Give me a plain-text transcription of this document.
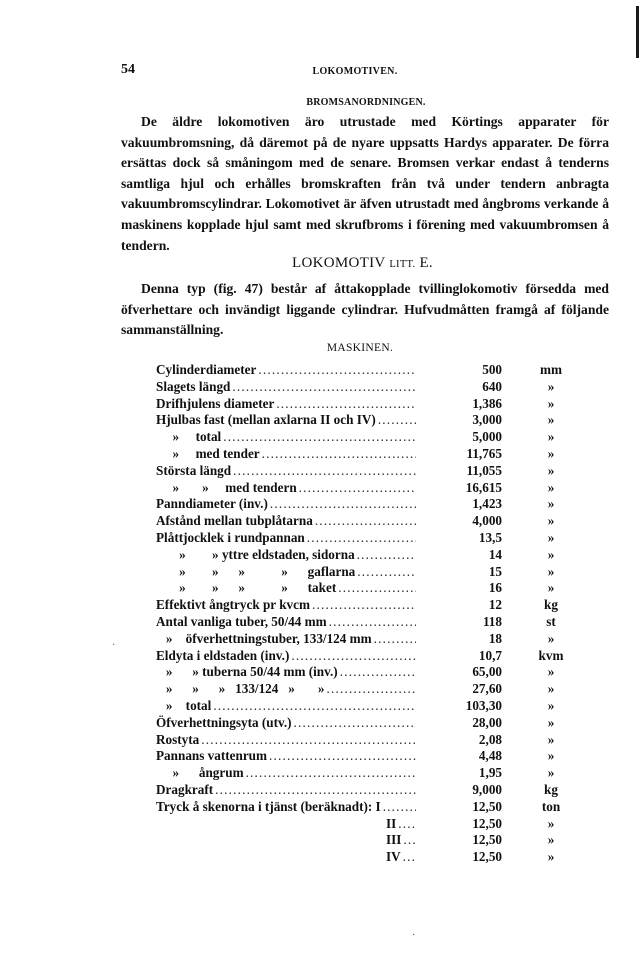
54	LOKOMOTIVEN.
BROMSANORDNINGEN.

De äldre lokomotiven äro utrustade med Körtings apparater för vakuumbromsning, då däremot på de nyare uppsatts Hardys apparater. De förra ersättas dock så småningom med de senare. Bromsen verkar endast å tenderns samtliga hjul och erhålles bromskraften från två under tendern anbragta vakuumbromscylindrar. Lokomotivet är äfven utrustadt med ångbroms verkande å maskinens kopplade hjul samt med skrufbroms i förening med vakuumbromsen å tendern.

LOKOMOTIV LITT. E.

Denna typ (fig. 47) består af åttakopplade tvillinglokomotiv försedda med öfverhettare och invändigt liggande cylindrar. Hufvudmåtten framgå af följande sammanställning.

MASKINEN.
Cylinderdiameter .....	500	mm
Slagets längd .....	640	»
Drifhjulens diameter .....	1,386	»
Hjulbas fast (mellan axlarna II och IV) .....	3,000	»
»     total .....	5,000	»
»     med tender .....	11,765	»
Största längd .....	11,055	»
»       »     med tendern .....	16,615	»
Panndiameter (inv.) .....	1,423	»
Afstånd mellan tubplåtarna .....	4,000	»
Plåttjocklek i rundpannan .....	13,5	»
»        » yttre eldstaden, sidorna .....	14	»
»        »      »           »      gaflarna .....	15	»
»        »      »           »      taket .....	16	»
Effektivt ångtryck pr kvcm .....	12	kg
Antal vanliga tuber, 50/44 mm .....	118	st
»    öfverhettningstuber, 133/124 mm .....	18	»
Eldyta i eldstaden (inv.) .....	10,7	kvm
»      » tuberna 50/44 mm (inv.) .....	65,00	»
»      »      »   133/124   »       » .....	27,60	»
»    total .....	103,30	»
Öfverhettningsyta (utv.) .....	28,00	»
Rostyta .....	2,08	»
Pannans vattenrum .....	4,48	»
»      ångrum .....	1,95	»
Dragkraft .....	9,000	kg
Tryck å skenorna i tjänst (beräknadt): I .....	12,50	ton
II .....	12,50	»
III .....	12,50	»
IV .....	12,50	»
·
·
